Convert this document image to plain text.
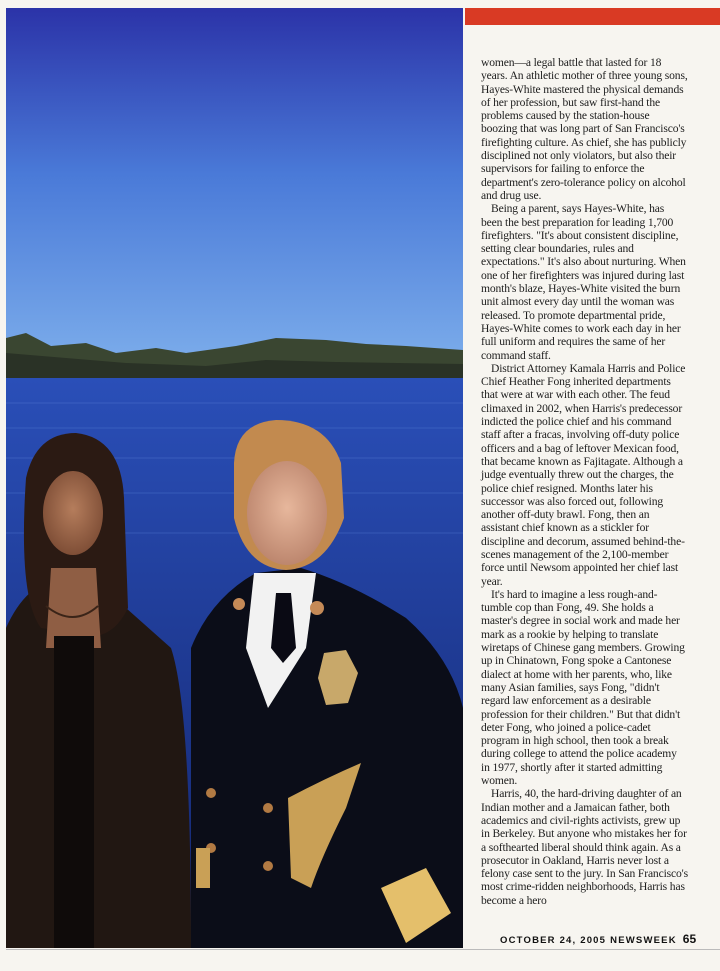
women—a legal battle that lasted for 18 years. An athletic mother of three young sons, Hayes-White mastered the physical demands of her profession, but saw first-hand the problems caused by the station-house boozing that was long part of San Francisco's firefighting culture. As chief, she has publicly disciplined not only violators, but also their supervisors for failing to enforce the department's zero-tolerance policy on alcohol and drug use.

Being a parent, says Hayes-White, has been the best preparation for leading 1,700 firefighters. "It's about consistent discipline, setting clear boundaries, rules and expectations." It's also about nurturing. When one of her firefighters was injured during last month's blaze, Hayes-White visited the burn unit almost every day until the woman was released. To promote departmental pride, Hayes-White comes to work each day in her full uniform and requires the same of her command staff.

District Attorney Kamala Harris and Police Chief Heather Fong inherited departments that were at war with each other. The feud climaxed in 2002, when Harris's predecessor indicted the police chief and his command staff after a fracas, involving off-duty police officers and a bag of leftover Mexican food, that became known as Fajitagate. Although a judge eventually threw out the charges, the police chief resigned. Months later his successor was also forced out, following another off-duty brawl. Fong, then an assistant chief known as a stickler for discipline and decorum, assumed behind-the-scenes management of the 2,100-member force until Newsom appointed her chief last year.

It's hard to imagine a less rough-and-tumble cop than Fong, 49. She holds a master's degree in social work and made her mark as a rookie by helping to translate wiretaps of Chinese gang members. Growing up in Chinatown, Fong spoke a Cantonese dialect at home with her parents, who, like many Asian families, says Fong, "didn't regard law enforcement as a desirable profession for their children." But that didn't deter Fong, who joined a police-cadet program in high school, then took a break during college to attend the police academy in 1977, shortly after it started admitting women.

Harris, 40, the hard-driving daughter of an Indian mother and a Jamaican father, both academics and civil-rights activists, grew up in Berkeley. But anyone who mistakes her for a softhearted liberal should think again. As a prosecutor in Oakland, Harris never lost a felony case sent to the jury. In San Francisco's most crime-ridden neighborhoods, Harris has become a hero

OCTOBER 24, 2005 NEWSWEEK 65
